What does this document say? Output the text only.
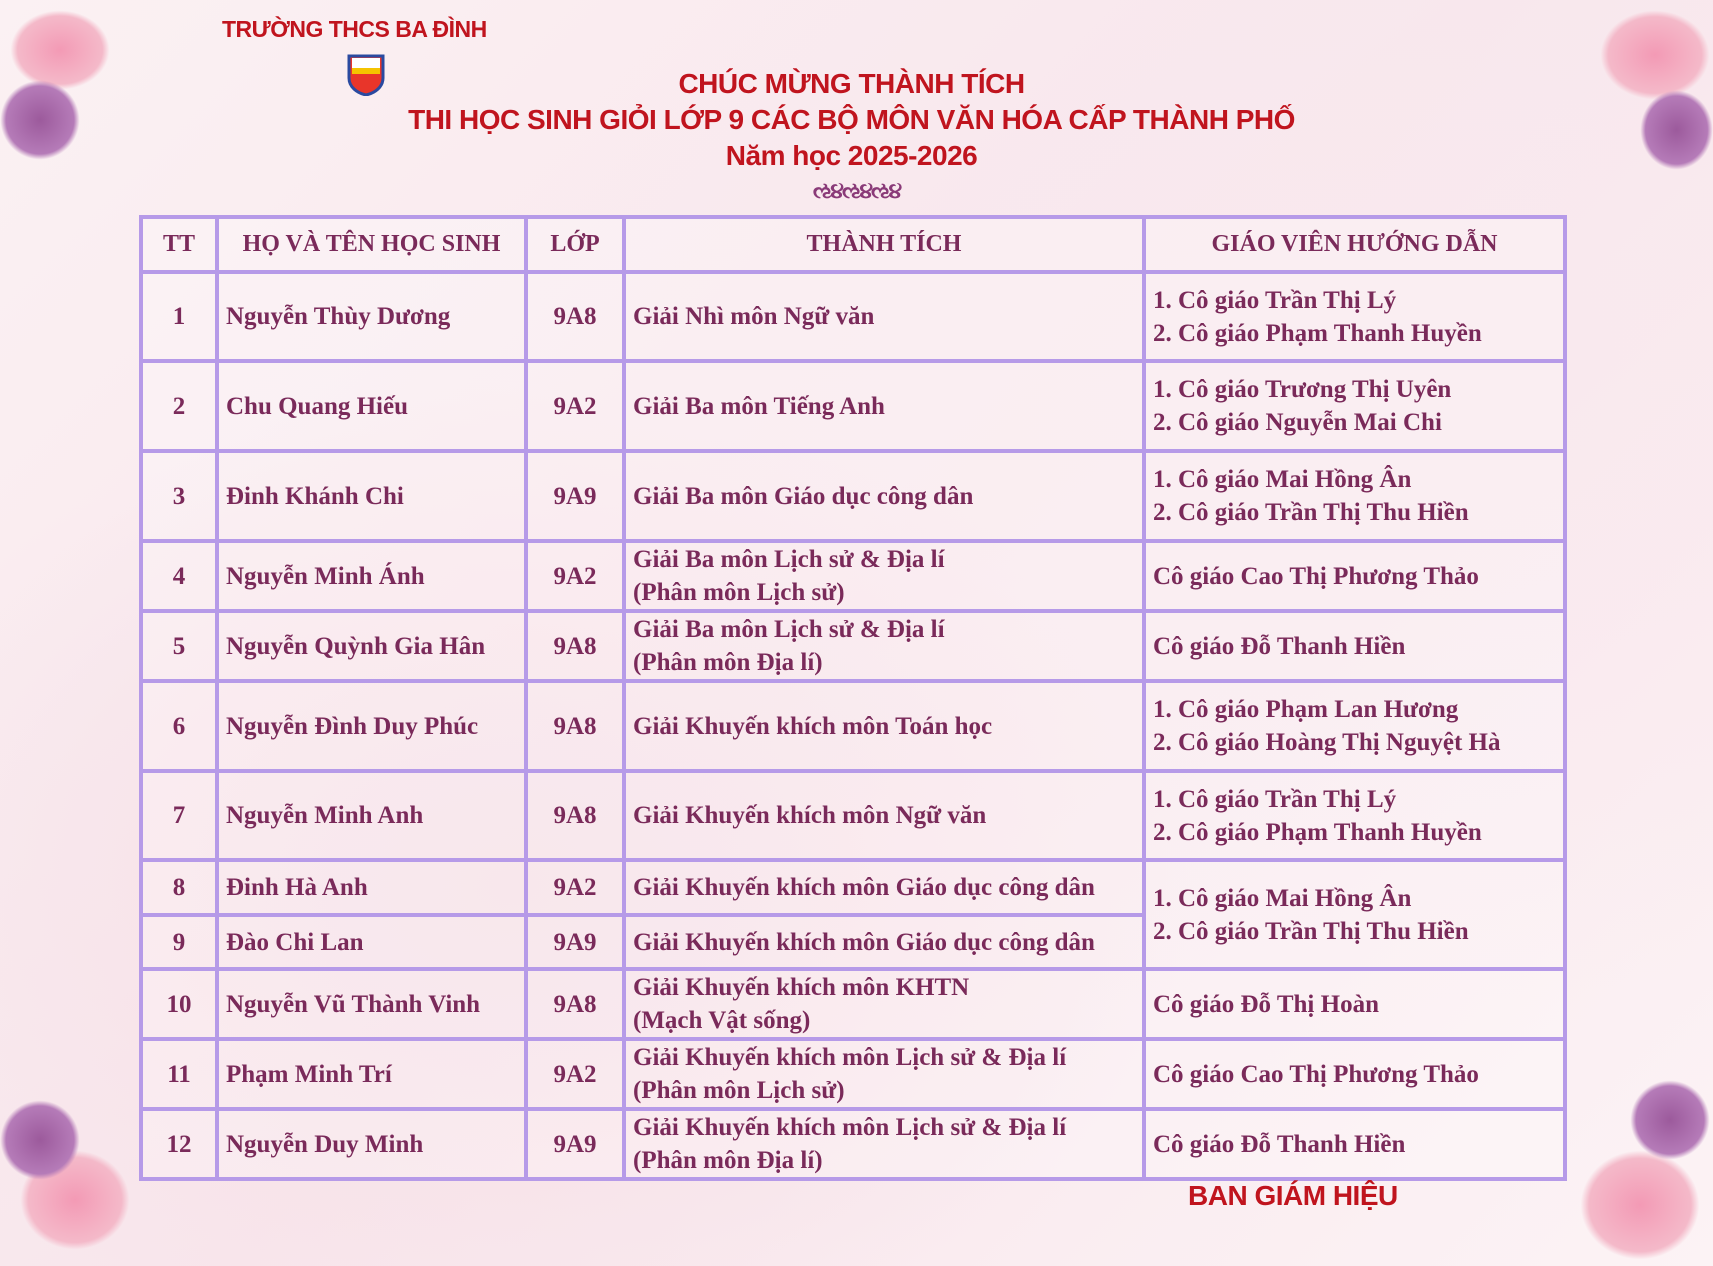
TRƯỜNG THCS BA ĐÌNH
CHÚC MỪNG THÀNH TÍCH
THI HỌC SINH GIỎI LỚP 9 CÁC BỘ MÔN VĂN HÓA CẤP THÀNH PHỐ
Năm học 2025-2026
ઌ૪ઌ૪ઌ૪
TT	HỌ VÀ TÊN HỌC SINH	LỚP	THÀNH TÍCH	GIÁO VIÊN HƯỚNG DẪN
1	Nguyễn Thùy Dương	9A8	Giải Nhì môn Ngữ văn	1. Cô giáo Trần Thị Lý
2. Cô giáo Phạm Thanh Huyền

2	Chu Quang Hiếu	9A2	Giải Ba môn Tiếng Anh	1. Cô giáo Trương Thị Uyên
2. Cô giáo Nguyễn Mai Chi

3	Đinh Khánh Chi	9A9	Giải Ba môn Giáo dục công dân	1. Cô giáo Mai Hồng Ân
2. Cô giáo Trần Thị Thu Hiền

4	Nguyễn Minh Ánh	9A2	Giải Ba môn Lịch sử & Địa lí
(Phân môn Lịch sử)	Cô giáo Cao Thị Phương Thảo

5	Nguyễn Quỳnh Gia Hân	9A8	Giải Ba môn Lịch sử & Địa lí
(Phân môn Địa lí)	Cô giáo Đỗ Thanh Hiền

6	Nguyễn Đình Duy Phúc	9A8	Giải Khuyến khích môn Toán học	1. Cô giáo Phạm Lan Hương
2. Cô giáo Hoàng Thị Nguyệt Hà

7	Nguyễn Minh Anh	9A8	Giải Khuyến khích môn Ngữ văn	1. Cô giáo Trần Thị Lý
2. Cô giáo Phạm Thanh Huyền

8	Đinh Hà Anh	9A2	Giải Khuyến khích môn Giáo dục công dân	1. Cô giáo Mai Hồng Ân
2. Cô giáo Trần Thị Thu Hiền

9	Đào Chi Lan	9A9	Giải Khuyến khích môn Giáo dục công dân	

10	Nguyễn Vũ Thành Vinh	9A8	Giải Khuyến khích môn KHTN
(Mạch Vật sống)	Cô giáo Đỗ Thị Hoàn

11	Phạm Minh Trí	9A2	Giải Khuyến khích môn Lịch sử & Địa lí
(Phân môn Lịch sử)	Cô giáo Cao Thị Phương Thảo

12	Nguyễn Duy Minh	9A9	Giải Khuyến khích môn Lịch sử & Địa lí
(Phân môn Địa lí)	Cô giáo Đỗ Thanh Hiền
BAN GIÁM HIỆU
